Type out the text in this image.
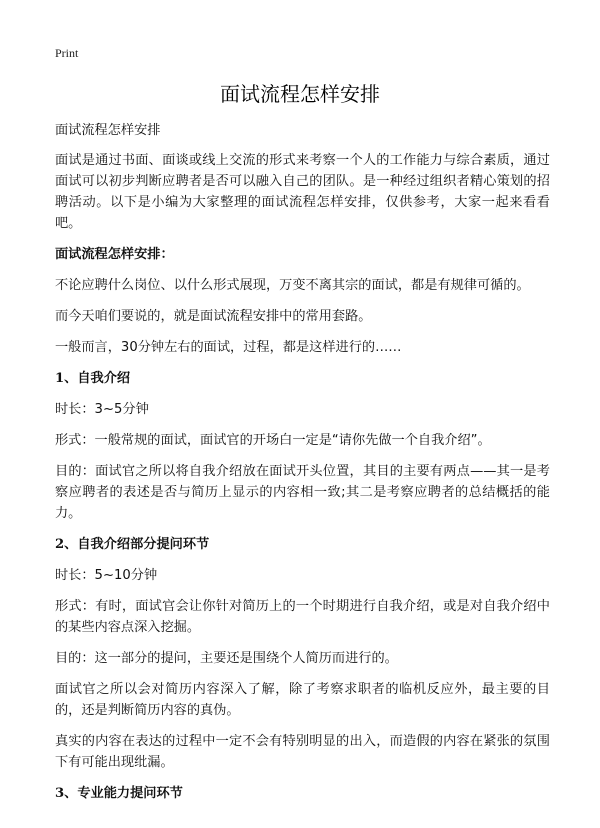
Print
面试流程怎样安排

面试流程怎样安排

面试是通过书面、面谈或线上交流的形式来考察一个人的工作能力与综合素质，通过面试可以初步判断应聘者是否可以融入自己的团队。是一种经过组织者精心策划的招聘活动。以下是小编为大家整理的面试流程怎样安排，仅供参考，大家一起来看看吧。

面试流程怎样安排：

不论应聘什么岗位、以什么形式展现，万变不离其宗的面试，都是有规律可循的。

而今天咱们要说的，就是面试流程安排中的常用套路。

一般而言，30分钟左右的面试，过程，都是这样进行的……

1、自我介绍

时长：3~5分钟

形式：一般常规的面试，面试官的开场白一定是“请你先做一个自我介绍”。

目的：面试官之所以将自我介绍放在面试开头位置，其目的主要有两点——其一是考察应聘者的表述是否与简历上显示的内容相一致;其二是考察应聘者的总结概括的能力。

2、自我介绍部分提问环节

时长：5~10分钟

形式：有时，面试官会让你针对简历上的一个时期进行自我介绍，或是对自我介绍中的某些内容点深入挖掘。

目的：这一部分的提问，主要还是围绕个人简历而进行的。

面试官之所以会对简历内容深入了解，除了考察求职者的临机反应外，最主要的目的，还是判断简历内容的真伪。

真实的内容在表达的过程中一定不会有特别明显的出入，而造假的内容在紧张的氛围下有可能出现纰漏。

3、专业能力提问环节
